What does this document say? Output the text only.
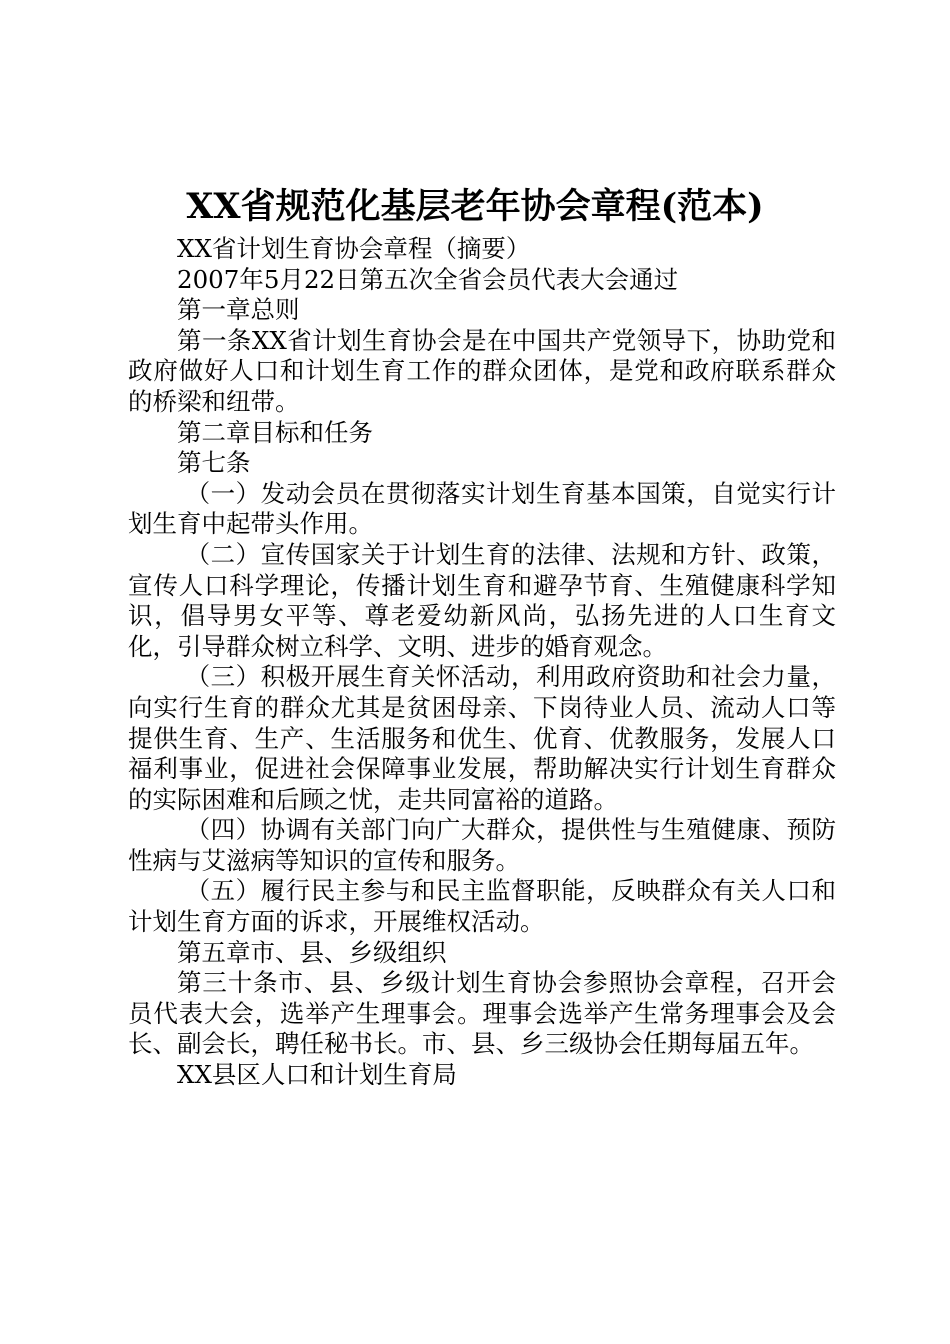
XX省规范化基层老年协会章程(范本)

XX省计划生育协会章程（摘要）

2007年5月22日第五次全省会员代表大会通过

第一章总则

第一条XX省计划生育协会是在中国共产党领导下，协助党和政府做好人口和计划生育工作的群众团体，是党和政府联系群众的桥梁和纽带。

第二章目标和任务

第七条

（一）发动会员在贯彻落实计划生育基本国策，自觉实行计划生育中起带头作用。

（二）宣传国家关于计划生育的法律、法规和方针、政策，宣传人口科学理论，传播计划生育和避孕节育、生殖健康科学知识，倡导男女平等、尊老爱幼新风尚，弘扬先进的人口生育文化，引导群众树立科学、文明、进步的婚育观念。

（三）积极开展生育关怀活动，利用政府资助和社会力量，向实行生育的群众尤其是贫困母亲、下岗待业人员、流动人口等提供生育、生产、生活服务和优生、优育、优教服务，发展人口福利事业，促进社会保障事业发展，帮助解决实行计划生育群众的实际困难和后顾之忧，走共同富裕的道路。

（四）协调有关部门向广大群众，提供性与生殖健康、预防性病与艾滋病等知识的宣传和服务。

（五）履行民主参与和民主监督职能，反映群众有关人口和计划生育方面的诉求，开展维权活动。

第五章市、县、乡级组织

第三十条市、县、乡级计划生育协会参照协会章程，召开会员代表大会，选举产生理事会。理事会选举产生常务理事会及会长、副会长，聘任秘书长。市、县、乡三级协会任期每届五年。

XX县区人口和计划生育局
